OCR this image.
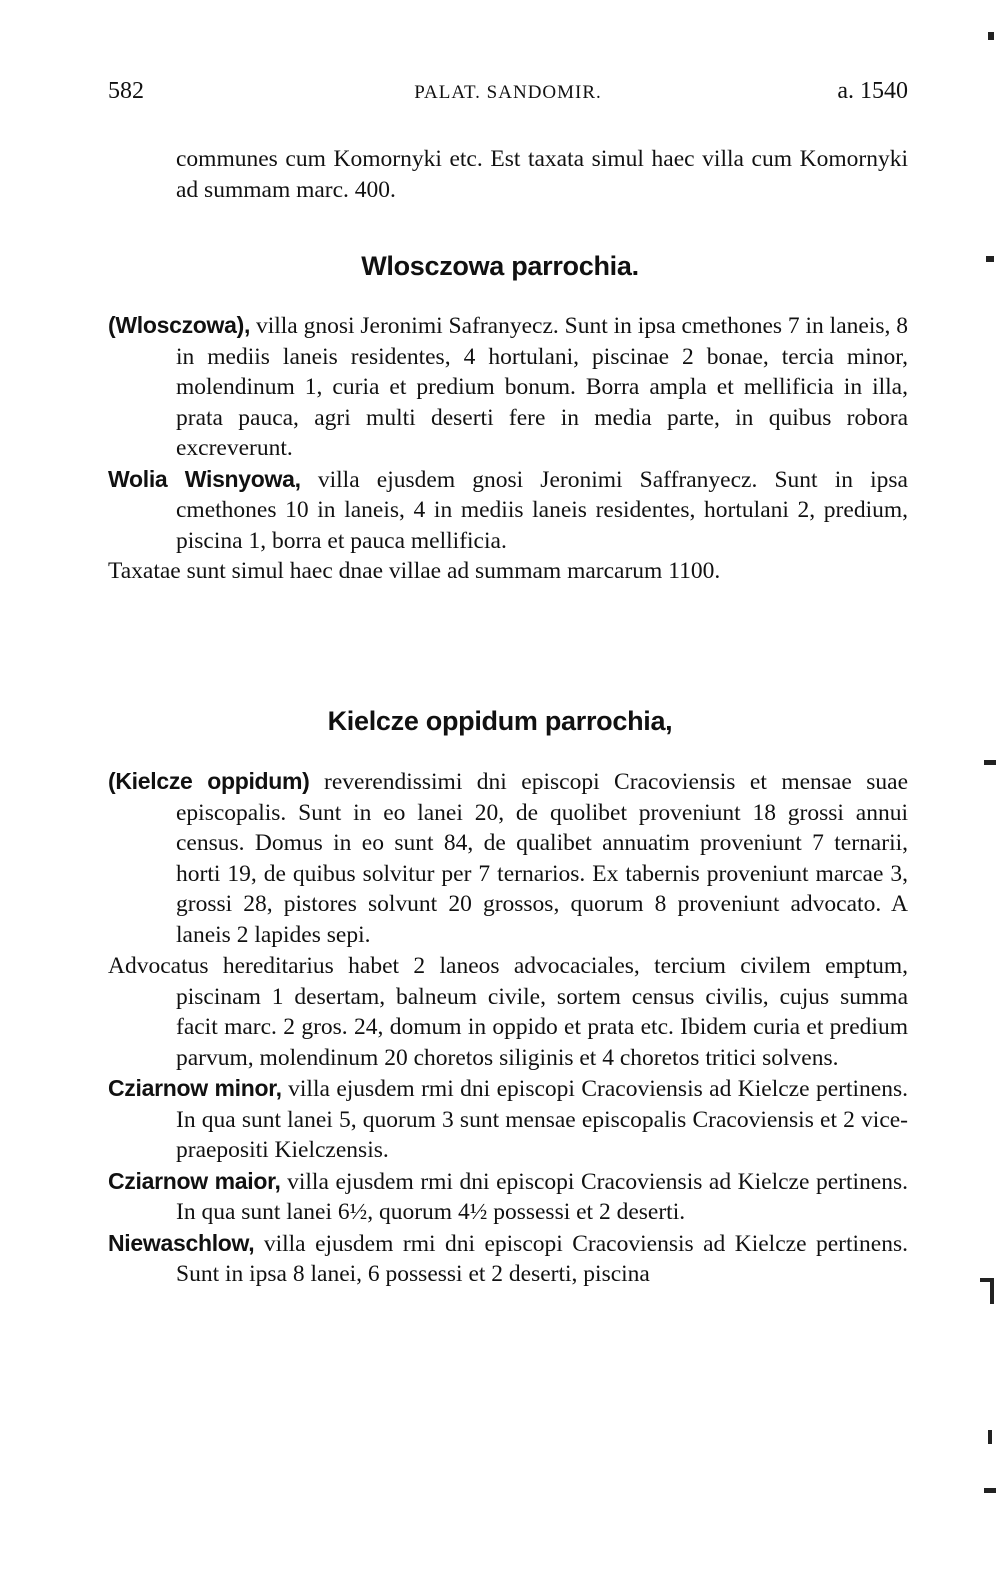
582	PALAT. SANDOMIR.	a. 1540

communes cum Komornyki etc. Est taxata simul haec villa cum Komornyki ad summam marc. 400.

Wlosczowa parrochia.

(Wlosczowa), villa gnosi Jeronimi Safranyecz. Sunt in ipsa cmethones 7 in laneis, 8 in mediis laneis residentes, 4 hortulani, piscinae 2 bonae, tercia minor, molendinum 1, curia et predium bonum. Borra ampla et mellificia in illa, prata pauca, agri multi deserti fere in media parte, in quibus robora excreverunt.

Wolia Wisnyowa, villa ejusdem gnosi Jeronimi Saffranyecz. Sunt in ipsa cmethones 10 in laneis, 4 in mediis laneis residentes, hortulani 2, predium, piscina 1, borra et pauca mellificia.

Taxatae sunt simul haec dnae villae ad summam marcarum 1100.

Kielcze oppidum parrochia,

(Kielcze oppidum) reverendissimi dni episcopi Cracoviensis et mensae suae episcopalis. Sunt in eo lanei 20, de quolibet proveniunt 18 grossi annui census. Domus in eo sunt 84, de qualibet annuatim proveniunt 7 ternarii, horti 19, de quibus solvitur per 7 ternarios. Ex tabernis proveniunt marcae 3, grossi 28, pistores solvunt 20 grossos, quorum 8 proveniunt advocato. A laneis 2 lapides sepi.

Advocatus hereditarius habet 2 laneos advocaciales, tercium civilem emptum, piscinam 1 desertam, balneum civile, sortem census civilis, cujus summa facit marc. 2 gros. 24, domum in oppido et prata etc. Ibidem curia et predium parvum, molendinum 20 choretos siliginis et 4 choretos tritici solvens.

Cziarnow minor, villa ejusdem rmi dni episcopi Cracoviensis ad Kielcze pertinens. In qua sunt lanei 5, quorum 3 sunt mensae episcopalis Cracoviensis et 2 vice-praepositi Kielczensis.

Cziarnow maior, villa ejusdem rmi dni episcopi Cracoviensis ad Kielcze pertinens. In qua sunt lanei 6½, quorum 4½ possessi et 2 deserti.

Niewaschlow, villa ejusdem rmi dni episcopi Cracoviensis ad Kielcze pertinens. Sunt in ipsa 8 lanei, 6 possessi et 2 deserti, piscina
